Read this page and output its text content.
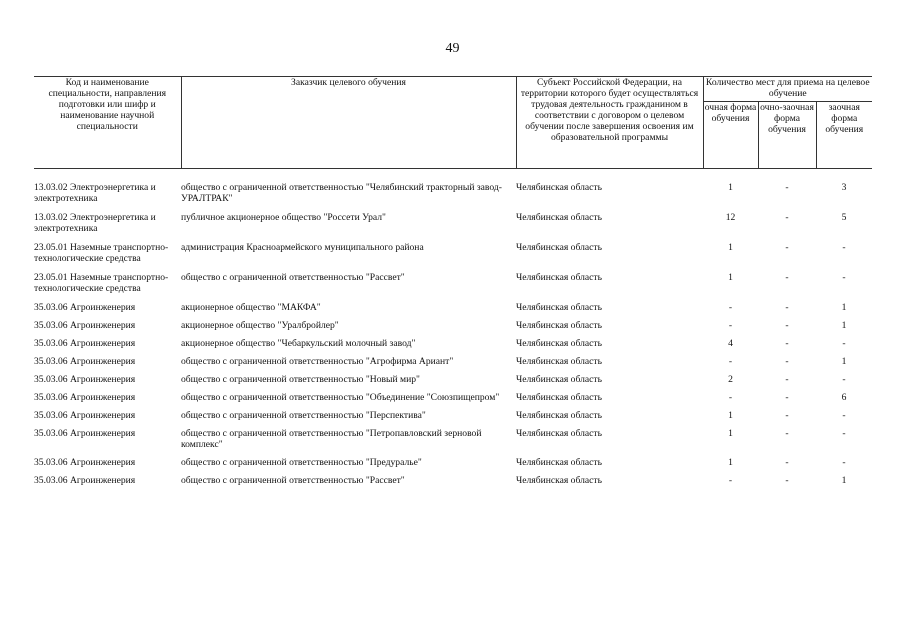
49
Код и наименование специальности, направления подготовки или шифр и наименование научной специальности	Заказчик целевого обучения	Субъект Российской Федерации, на территории которого будет осуществляться трудовая деятельность гражданином в соответствии с договором о целевом обучении после завершения освоения им образовательной программы	Количество мест для приема на целевое обучение		
			очная форма обучения	очно-заочная форма обучения	заочная форма обучения

13.03.02 Электроэнергетика и электротехника	общество с ограниченной ответственностью "Челябинский тракторный завод-УРАЛТРАК"	Челябинская область	1	-	3
13.03.02 Электроэнергетика и электротехника	публичное акционерное общество "Россети Урал"	Челябинская область	12	-	5
23.05.01 Наземные транспортно-технологические средства	администрация Красноармейского муниципального района	Челябинская область	1	-	-
23.05.01 Наземные транспортно-технологические средства	общество с ограниченной ответственностью "Рассвет"	Челябинская область	1	-	-
35.03.06 Агроинженерия	акционерное общество "МАКФА"	Челябинская область	-	-	1
35.03.06 Агроинженерия	акционерное общество "Уралбройлер"	Челябинская область	-	-	1
35.03.06 Агроинженерия	акционерное общество "Чебаркульский молочный завод"	Челябинская область	4	-	-
35.03.06 Агроинженерия	общество с ограниченной ответственностью "Агрофирма Ариант"	Челябинская область	-	-	1
35.03.06 Агроинженерия	общество с ограниченной ответственностью "Новый мир"	Челябинская область	2	-	-
35.03.06 Агроинженерия	общество с ограниченной ответственностью "Объединение "Союзпищепром"	Челябинская область	-	-	6
35.03.06 Агроинженерия	общество с ограниченной ответственностью "Перспектива"	Челябинская область	1	-	-
35.03.06 Агроинженерия	общество с ограниченной ответственностью "Петропавловский зерновой комплекс"	Челябинская область	1	-	-
35.03.06 Агроинженерия	общество с ограниченной ответственностью "Предуралье"	Челябинская область	1	-	-
35.03.06 Агроинженерия	общество с ограниченной ответственностью "Рассвет"	Челябинская область	-	-	1
